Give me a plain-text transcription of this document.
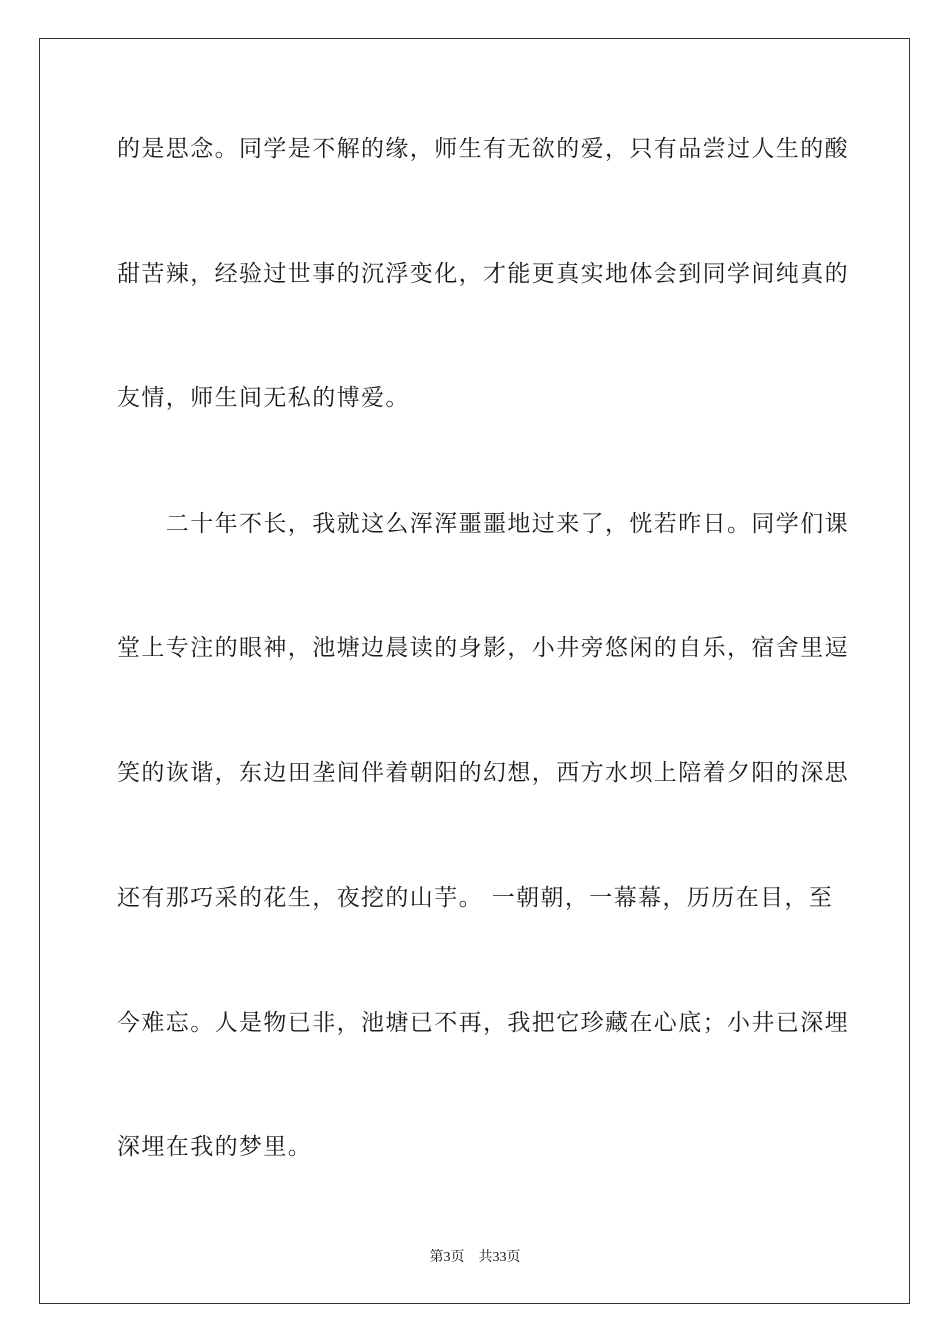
的是思念。同学是不解的缘，师生有无欲的爱，只有品尝过人生的酸
甜苦辣，经验过世事的沉浮变化，才能更真实地体会到同学间纯真的
友情，师生间无私的博爱。
　　二十年不长，我就这么浑浑噩噩地过来了，恍若昨日。同学们课
堂上专注的眼神，池塘边晨读的身影，小井旁悠闲的自乐，宿舍里逗
笑的诙谐，东边田垄间伴着朝阳的幻想，西方水坝上陪着夕阳的深思
还有那巧采的花生，夜挖的山芋。 一朝朝，一幕幕，历历在目，至
今难忘。人是物已非，池塘已不再，我把它珍藏在心底；小井已深埋
深埋在我的梦里。
第3页 共33页
